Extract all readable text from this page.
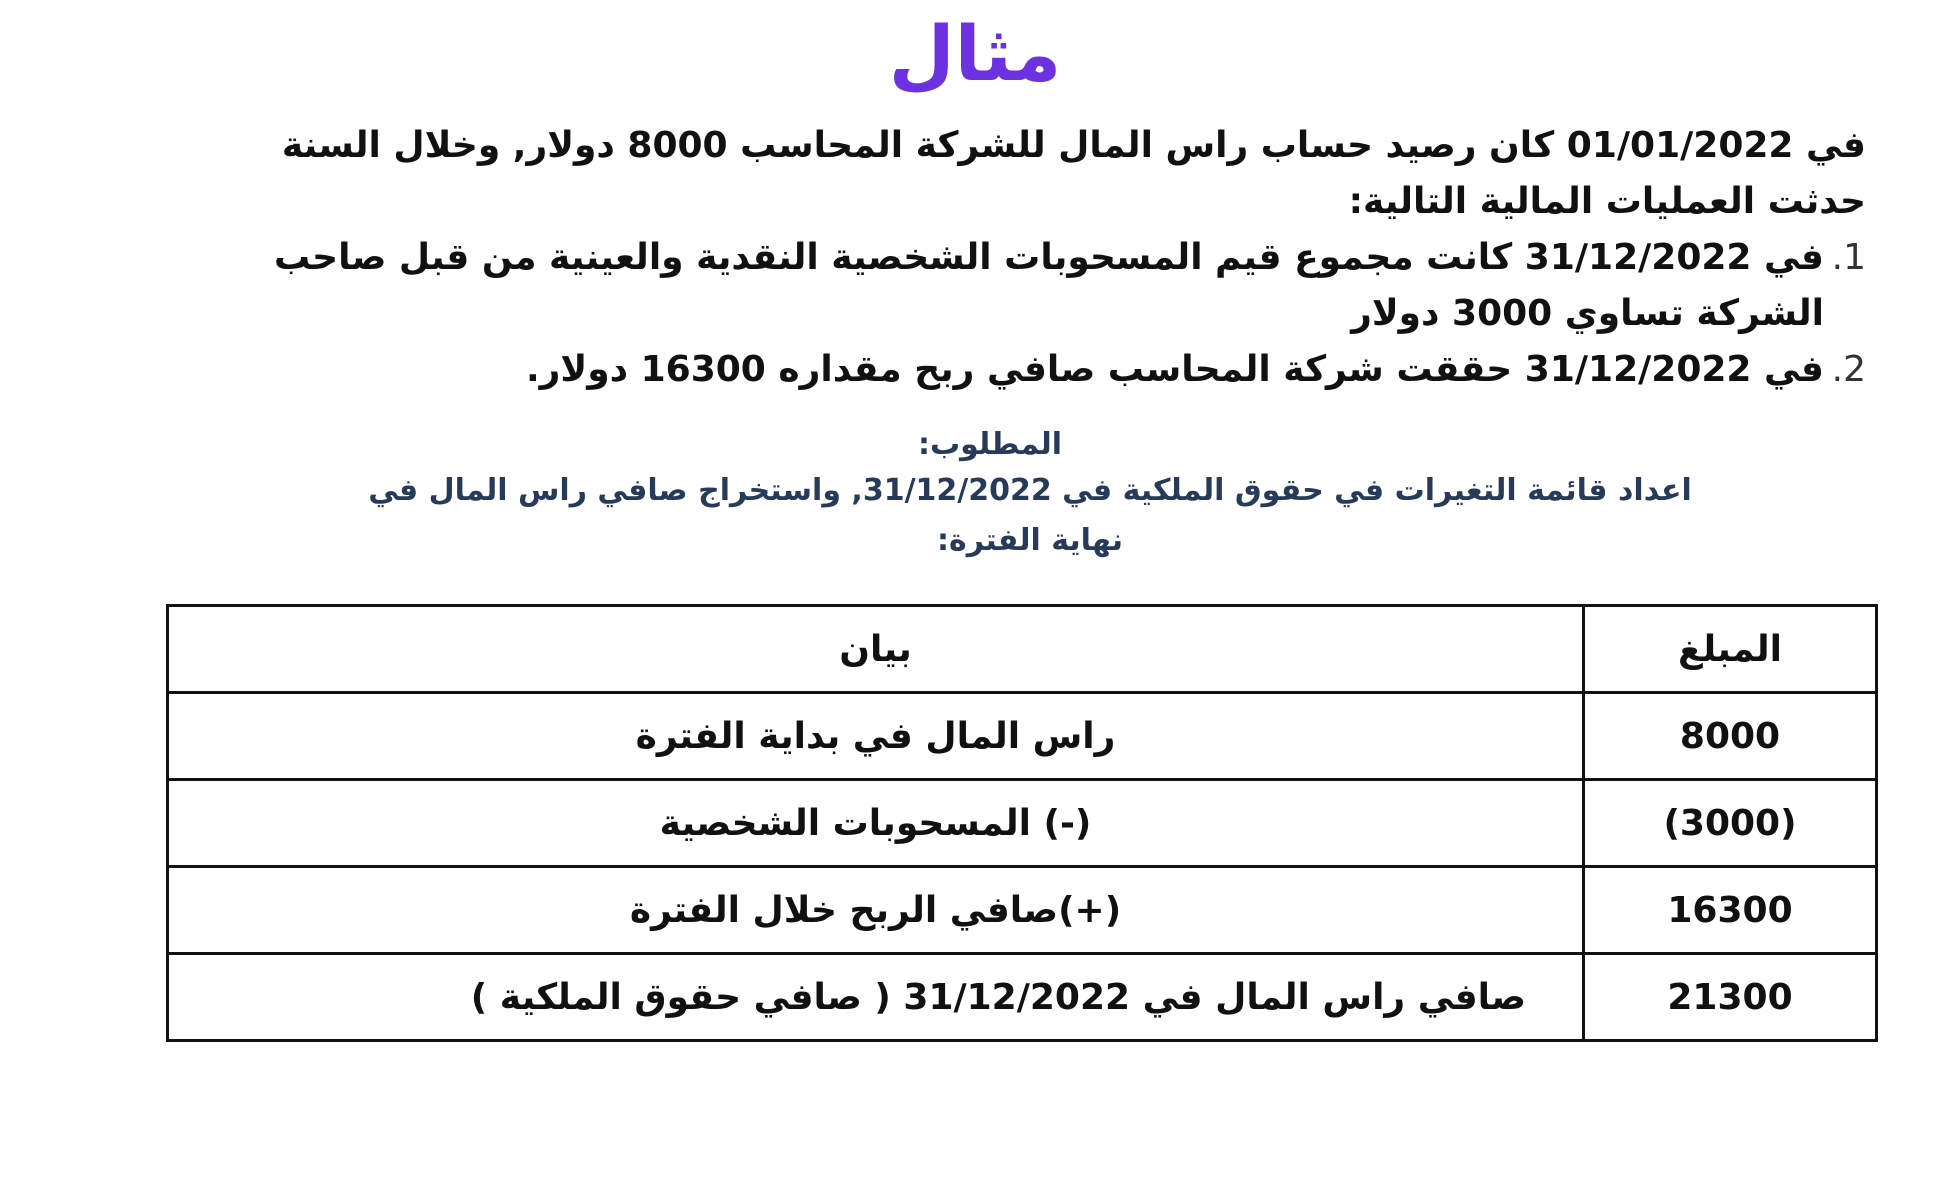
مثال

في 01/01/2022 كان رصيد حساب راس المال للشركة المحاسب 8000 دولار, وخلال السنة حدثت العمليات المالية التالية:

1 .
في 31/12/2022 كانت مجموع قيم المسحوبات الشخصية النقدية والعينية من قبل صاحب الشركة تساوي 3000 دولار
2 .
في 31/12/2022 حققت شركة المحاسب صافي ربح مقداره 16300 دولار.

المطلوب:

اعداد قائمة التغيرات في حقوق الملكية في 31/12/2022, واستخراج صافي راس المال في نهاية الفترة:

المبلغ	بيان
8000	راس المال في بداية الفترة
(3000)	(-) المسحوبات الشخصية
16300	(+)صافي الربح خلال الفترة
21300	صافي راس المال في 31/12/2022 ( صافي حقوق الملكية )
